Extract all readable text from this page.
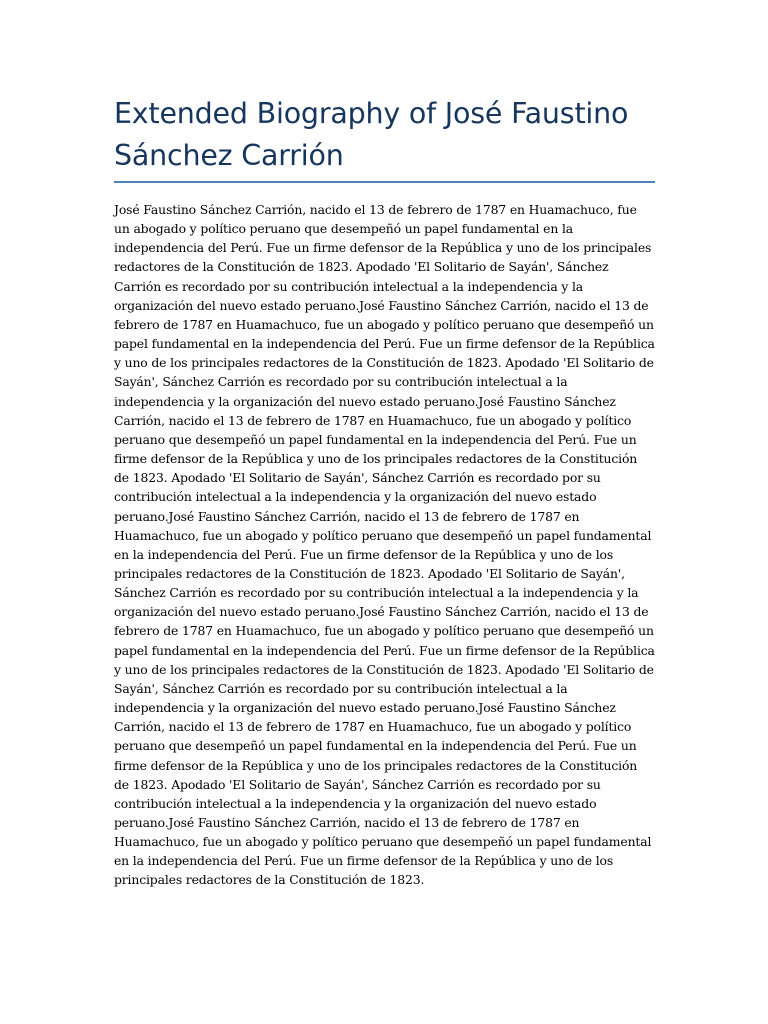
Extended Biography of José Faustino Sánchez Carrión

José Faustino Sánchez Carrión, nacido el 13 de febrero de 1787 en Huamachuco, fue un abogado y político peruano que desempeñó un papel fundamental en la independencia del Perú. Fue un firme defensor de la República y uno de los principales redactores de la Constitución de 1823. Apodado 'El Solitario de Sayán', Sánchez Carrión es recordado por su contribución intelectual a la independencia y la organización del nuevo estado peruano.José Faustino Sánchez Carrión, nacido el 13 de febrero de 1787 en Huamachuco, fue un abogado y político peruano que desempeñó un papel fundamental en la independencia del Perú. Fue un firme defensor de la República y uno de los principales redactores de la Constitución de 1823. Apodado 'El Solitario de Sayán', Sánchez Carrión es recordado por su contribución intelectual a la independencia y la organización del nuevo estado peruano.José Faustino Sánchez Carrión, nacido el 13 de febrero de 1787 en Huamachuco, fue un abogado y político peruano que desempeñó un papel fundamental en la independencia del Perú. Fue un firme defensor de la República y uno de los principales redactores de la Constitución de 1823. Apodado 'El Solitario de Sayán', Sánchez Carrión es recordado por su contribución intelectual a la independencia y la organización del nuevo estado peruano.José Faustino Sánchez Carrión, nacido el 13 de febrero de 1787 en Huamachuco, fue un abogado y político peruano que desempeñó un papel fundamental en la independencia del Perú. Fue un firme defensor de la República y uno de los principales redactores de la Constitución de 1823. Apodado 'El Solitario de Sayán', Sánchez Carrión es recordado por su contribución intelectual a la independencia y la organización del nuevo estado peruano.José Faustino Sánchez Carrión, nacido el 13 de febrero de 1787 en Huamachuco, fue un abogado y político peruano que desempeñó un papel fundamental en la independencia del Perú. Fue un firme defensor de la República y uno de los principales redactores de la Constitución de 1823. Apodado 'El Solitario de Sayán', Sánchez Carrión es recordado por su contribución intelectual a la independencia y la organización del nuevo estado peruano.José Faustino Sánchez Carrión, nacido el 13 de febrero de 1787 en Huamachuco, fue un abogado y político peruano que desempeñó un papel fundamental en la independencia del Perú. Fue un firme defensor de la República y uno de los principales redactores de la Constitución de 1823. Apodado 'El Solitario de Sayán', Sánchez Carrión es recordado por su contribución intelectual a la independencia y la organización del nuevo estado peruano.José Faustino Sánchez Carrión, nacido el 13 de febrero de 1787 en Huamachuco, fue un abogado y político peruano que desempeñó un papel fundamental en la independencia del Perú. Fue un firme defensor de la República y uno de los principales redactores de la Constitución de 1823.
